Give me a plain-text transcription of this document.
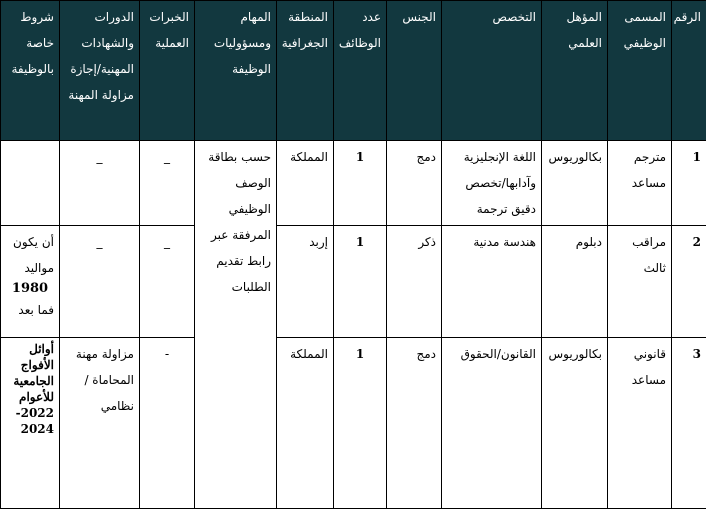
الرقم	المسمى الوظيفي	المؤهل العلمي	التخصص	الجنس	عدد الوظائف	المنطقة الجغرافية	المهام ومسؤوليات الوظيفة	الخبرات العملية	الدورات والشهادات المهنية/إجازة مزاولة المهنة	شروط خاصة بالوظيفة
1	مترجم مساعد	بكالوريوس	اللغة الإنجليزية وآدابها/تخصص دقيق ترجمة	دمج	1	المملكة	حسب بطاقة الوصف الوظيفي المرفقة عبر رابط تقديم الطلبات	_	_	
2	مراقب ثالث	دبلوم	هندسة مدنية	ذكر	1	إربد		_	_	أن يكون مواليد
1980
فما بعد

3	قانوني مساعد	بكالوريوس	القانون/الحقوق	دمج	1	المملكة		-	مزاولة مهنة المحاماة /نظامي	أوائل الأفواج الجامعية للأعوام 2022-2024
